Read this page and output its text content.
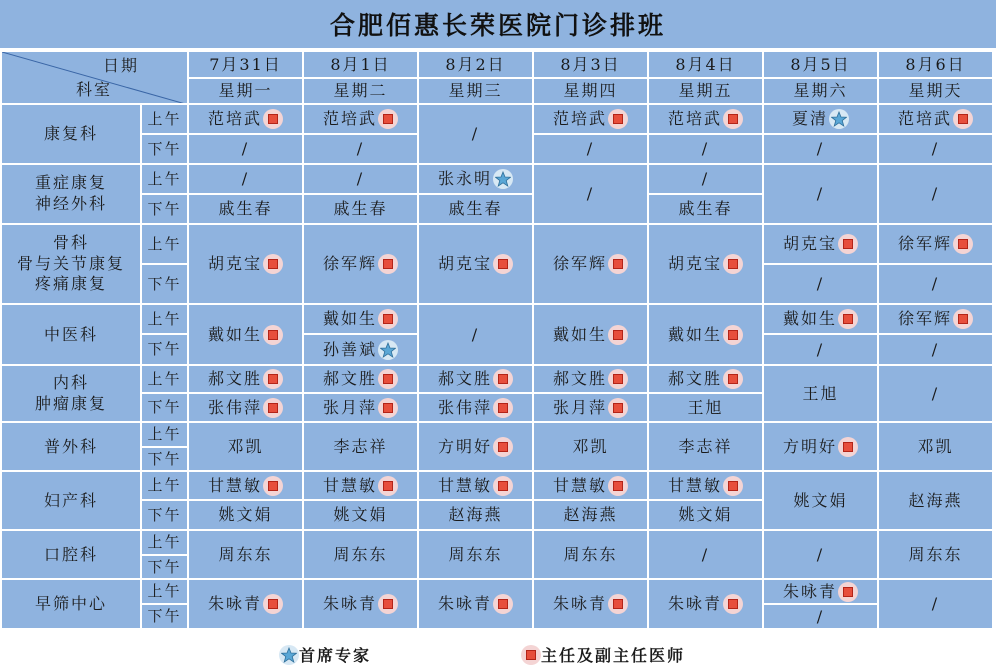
合肥佰惠长荣医院门诊排班
日期
科室		7月31日	8月1日	8月2日	8月3日	8月4日	8月5日	8月6日
		星期一	星期二	星期三	星期四	星期五	星期六	星期天
康复科	上午	范培武	范培武	/	范培武	范培武	夏清	范培武

	下午	/	/		/	/	/	/

重症康复
神经外科	上午	/	/	张永明	/	/	/	/

	下午	戚生春	戚生春	戚生春		戚生春		

骨科
骨与关节康复
疼痛康复	上午	胡克宝	徐军辉	胡克宝	徐军辉	胡克宝	胡克宝	徐军辉

	下午						/	/

中医科	上午	戴如生	戴如生	/	戴如生	戴如生	戴如生	徐军辉

	下午		孙善斌				/	/

内科
肿瘤康复	上午	郝文胜	郝文胜	郝文胜	郝文胜	郝文胜	王旭	/

	下午	张伟萍	张月萍	张伟萍	张月萍	王旭		

普外科	上午	邓凯	李志祥	方明好	邓凯	李志祥	方明好	邓凯

	下午							
妇产科	上午	甘慧敏	甘慧敏	甘慧敏	甘慧敏	甘慧敏	姚文娟	赵海燕

	下午	姚文娟	姚文娟	赵海燕	赵海燕	姚文娟		

口腔科	上午	周东东	周东东	周东东	周东东	/	/	周东东

	下午							
早筛中心	上午	朱咏青	朱咏青	朱咏青	朱咏青	朱咏青	朱咏青	/

	下午						/	
首席专家	主任及副主任医师
